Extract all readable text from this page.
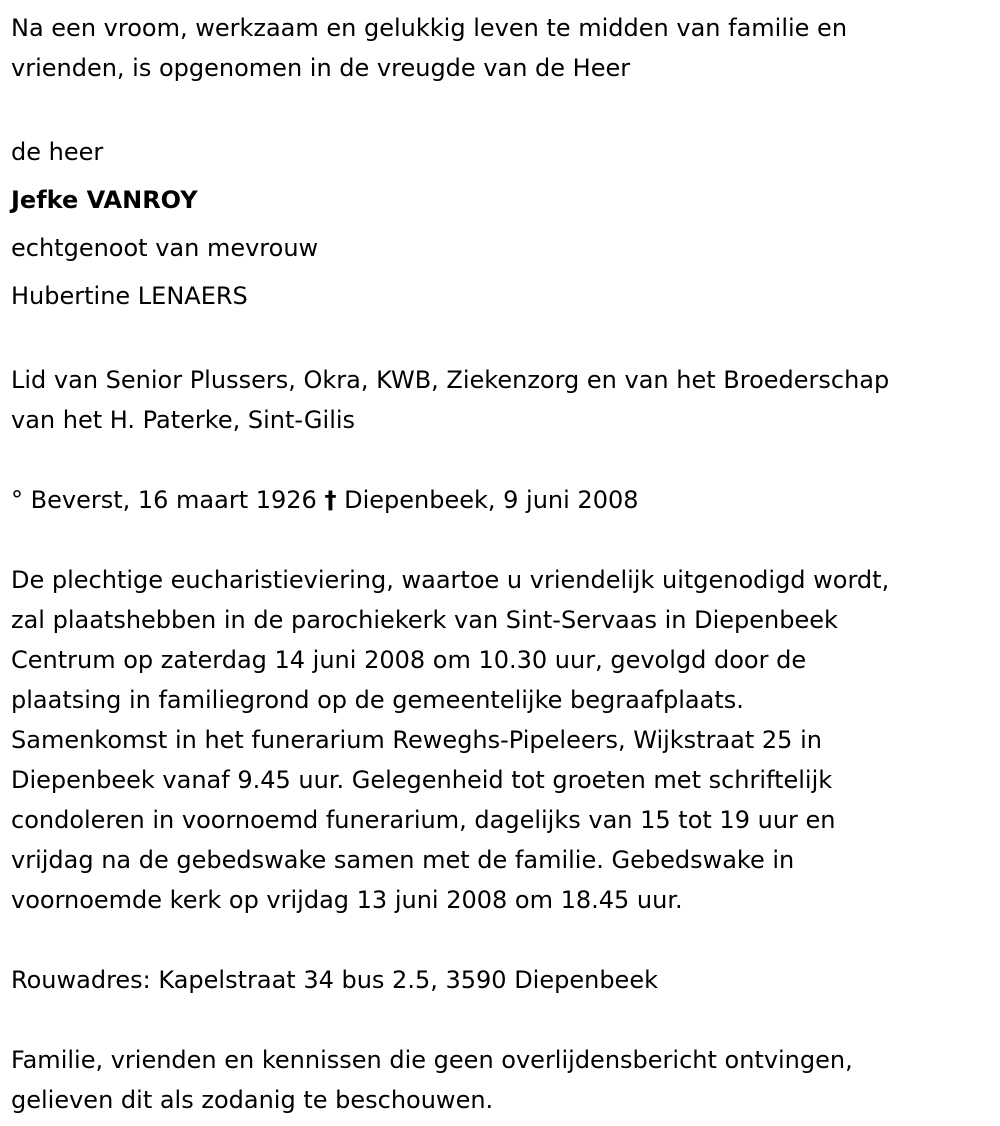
Na een vroom, werkzaam en gelukkig leven te midden van familie en
vrienden, is opgenomen in de vreugde van de Heer
de heer
Jefke VANROY
echtgenoot van mevrouw
Hubertine LENAERS
Lid van Senior Plussers, Okra, KWB, Ziekenzorg en van het Broederschap
van het H. Paterke, Sint-Gilis
° Beverst, 16 maart 1926 † Diepenbeek, 9 juni 2008
De plechtige eucharistieviering, waartoe u vriendelijk uitgenodigd wordt,
zal plaatshebben in de parochiekerk van Sint-Servaas in Diepenbeek
Centrum op zaterdag 14 juni 2008 om 10.30 uur, gevolgd door de
plaatsing in familiegrond op de gemeentelijke begraafplaats.
Samenkomst in het funerarium Reweghs-Pipeleers, Wijkstraat 25 in
Diepenbeek vanaf 9.45 uur. Gelegenheid tot groeten met schriftelijk
condoleren in voornoemd funerarium, dagelijks van 15 tot 19 uur en
vrijdag na de gebedswake samen met de familie. Gebedswake in
voornoemde kerk op vrijdag 13 juni 2008 om 18.45 uur.
Rouwadres: Kapelstraat 34 bus 2.5, 3590 Diepenbeek
Familie, vrienden en kennissen die geen overlijdensbericht ontvingen,
gelieven dit als zodanig te beschouwen.
